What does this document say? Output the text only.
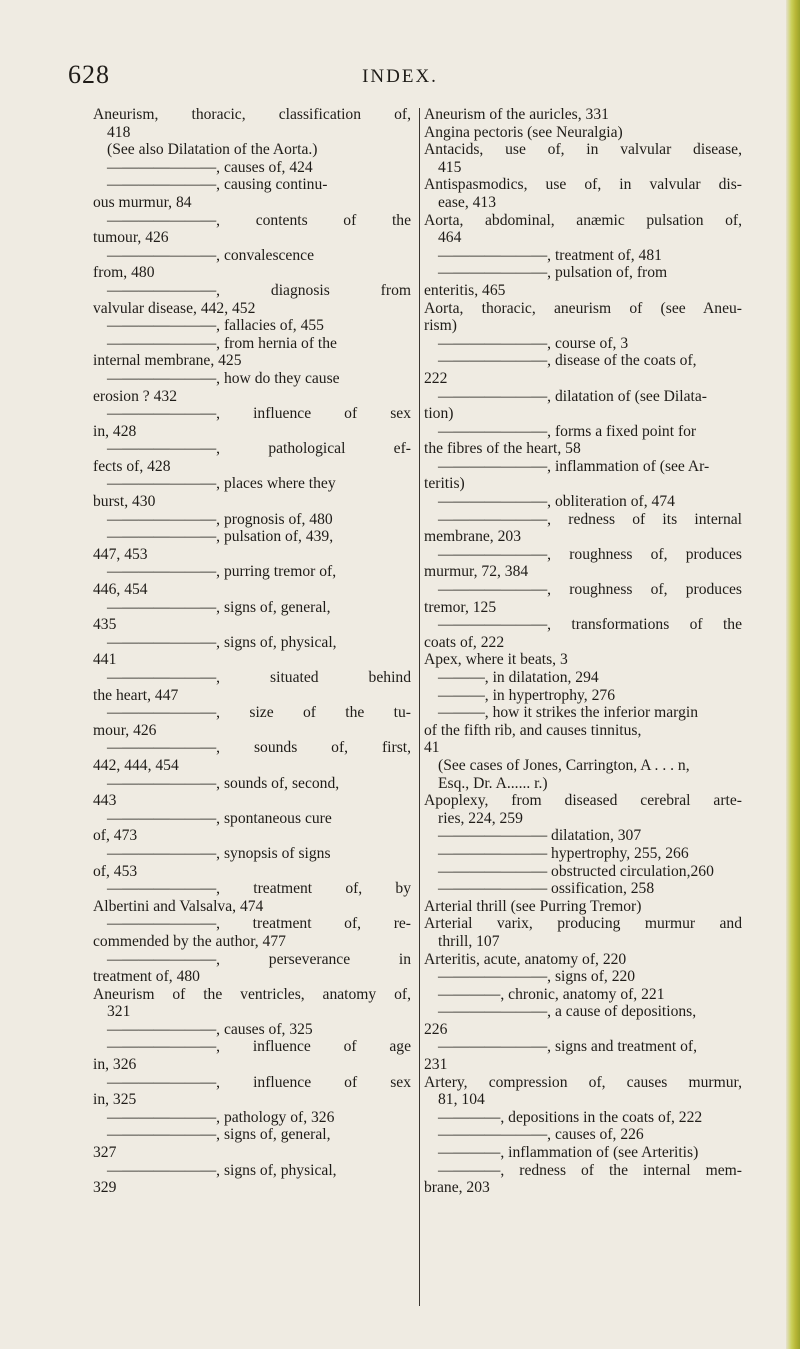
628	INDEX.
Aneurism, thoracic, classification of,
418
(See also Dilatation of the Aorta.)
———————, causes of, 424
———————, causing continu-
ous murmur, 84
———————, contents of the
tumour, 426
———————, convalescence
from, 480
———————, diagnosis from
valvular disease, 442, 452
———————, fallacies of, 455
———————, from hernia of the
internal membrane, 425
———————, how do they cause
erosion ? 432
———————, influence of sex
in, 428
———————, pathological ef-
fects of, 428
———————, places where they
burst, 430
———————, prognosis of, 480
———————, pulsation of, 439,
447, 453
———————, purring tremor of,
446, 454
———————, signs of, general,
435
———————, signs of, physical,
441
———————, situated behind
the heart, 447
———————, size of the tu-
mour, 426
———————, sounds of, first,
442, 444, 454
———————, sounds of, second,
443
———————, spontaneous cure
of, 473
———————, synopsis of signs
of, 453
———————, treatment of, by
Albertini and Valsalva, 474
———————, treatment of, re-
commended by the author, 477
———————, perseverance in
treatment of, 480
Aneurism of the ventricles, anatomy of,
321
———————, causes of, 325
———————, influence of age
in, 326
———————, influence of sex
in, 325
———————, pathology of, 326
———————, signs of, general,
327
———————, signs of, physical,
329
Aneurism of the auricles, 331
Angina pectoris (see Neuralgia)
Antacids, use of, in valvular disease,
415
Antispasmodics, use of, in valvular dis-
ease, 413
Aorta, abdominal, anæmic pulsation of,
464
———————, treatment of, 481
———————, pulsation of, from
enteritis, 465
Aorta, thoracic, aneurism of (see Aneu-
rism)
———————, course of, 3
———————, disease of the coats of,
222
———————, dilatation of (see Dilata-
tion)
———————, forms a fixed point for
the fibres of the heart, 58
———————, inflammation of (see Ar-
teritis)
———————, obliteration of, 474
———————, redness of its internal
membrane, 203
———————, roughness of, produces
murmur, 72, 384
———————, roughness of, produces
tremor, 125
———————, transformations of the
coats of, 222
Apex, where it beats, 3
———, in dilatation, 294
———, in hypertrophy, 276
———, how it strikes the inferior margin
of the fifth rib, and causes tinnitus,
41
(See cases of Jones, Carrington, A . . . n,
Esq., Dr. A...... r.)
Apoplexy, from diseased cerebral arte-
ries, 224, 259
——————— dilatation, 307
——————— hypertrophy, 255, 266
——————— obstructed circulation,260
——————— ossification, 258
Arterial thrill (see Purring Tremor)
Arterial varix, producing murmur and
thrill, 107
Arteritis, acute, anatomy of, 220
———————, signs of, 220
————, chronic, anatomy of, 221
———————, a cause of depositions,
226
———————, signs and treatment of,
231
Artery, compression of, causes murmur,
81, 104
————, depositions in the coats of, 222
———————, causes of, 226
————, inflammation of (see Arteritis)
————, redness of the internal mem-
brane, 203
